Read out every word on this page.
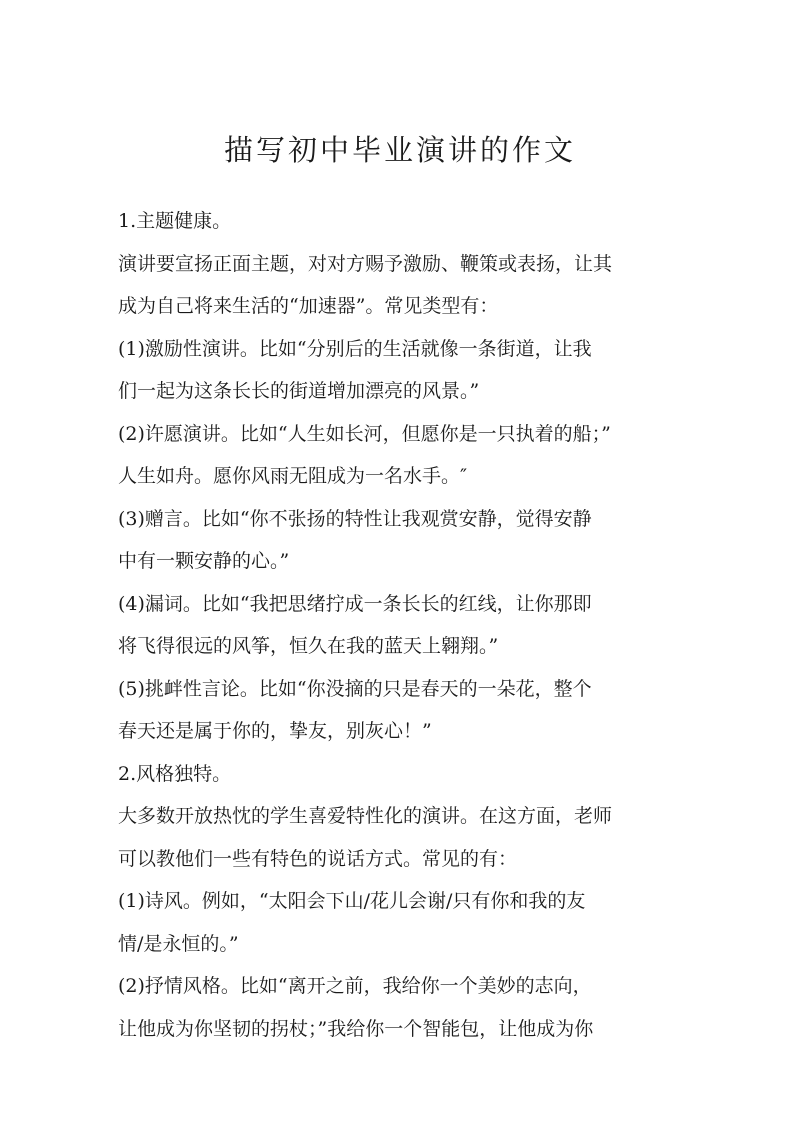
描写初中毕业演讲的作文
1.主题健康。
演讲要宣扬正面主题，对对方赐予激励、鞭策或表扬，让其
成为自己将来生活的“加速器”。常见类型有：
(1)激励性演讲。比如“分别后的生活就像一条街道，让我
们一起为这条长长的街道增加漂亮的风景。”
(2)许愿演讲。比如“人生如长河，但愿你是一只执着的船；”
人生如舟。愿你风雨无阻成为一名水手。″
(3)赠言。比如“你不张扬的特性让我观赏安静，觉得安静
中有一颗安静的心。”
(4)漏词。比如“我把思绪拧成一条长长的红线，让你那即
将飞得很远的风筝，恒久在我的蓝天上翱翔。”
(5)挑衅性言论。比如“你没摘的只是春天的一朵花，整个
春天还是属于你的，挚友，别灰心！”
2.风格独特。
大多数开放热忱的学生喜爱特性化的演讲。在这方面，老师
可以教他们一些有特色的说话方式。常见的有：
(1)诗风。例如，“太阳会下山/花儿会谢/只有你和我的友
情/是永恒的。”
(2)抒情风格。比如“离开之前，我给你一个美妙的志向，
让他成为你坚韧的拐杖；”我给你一个智能包，让他成为你
